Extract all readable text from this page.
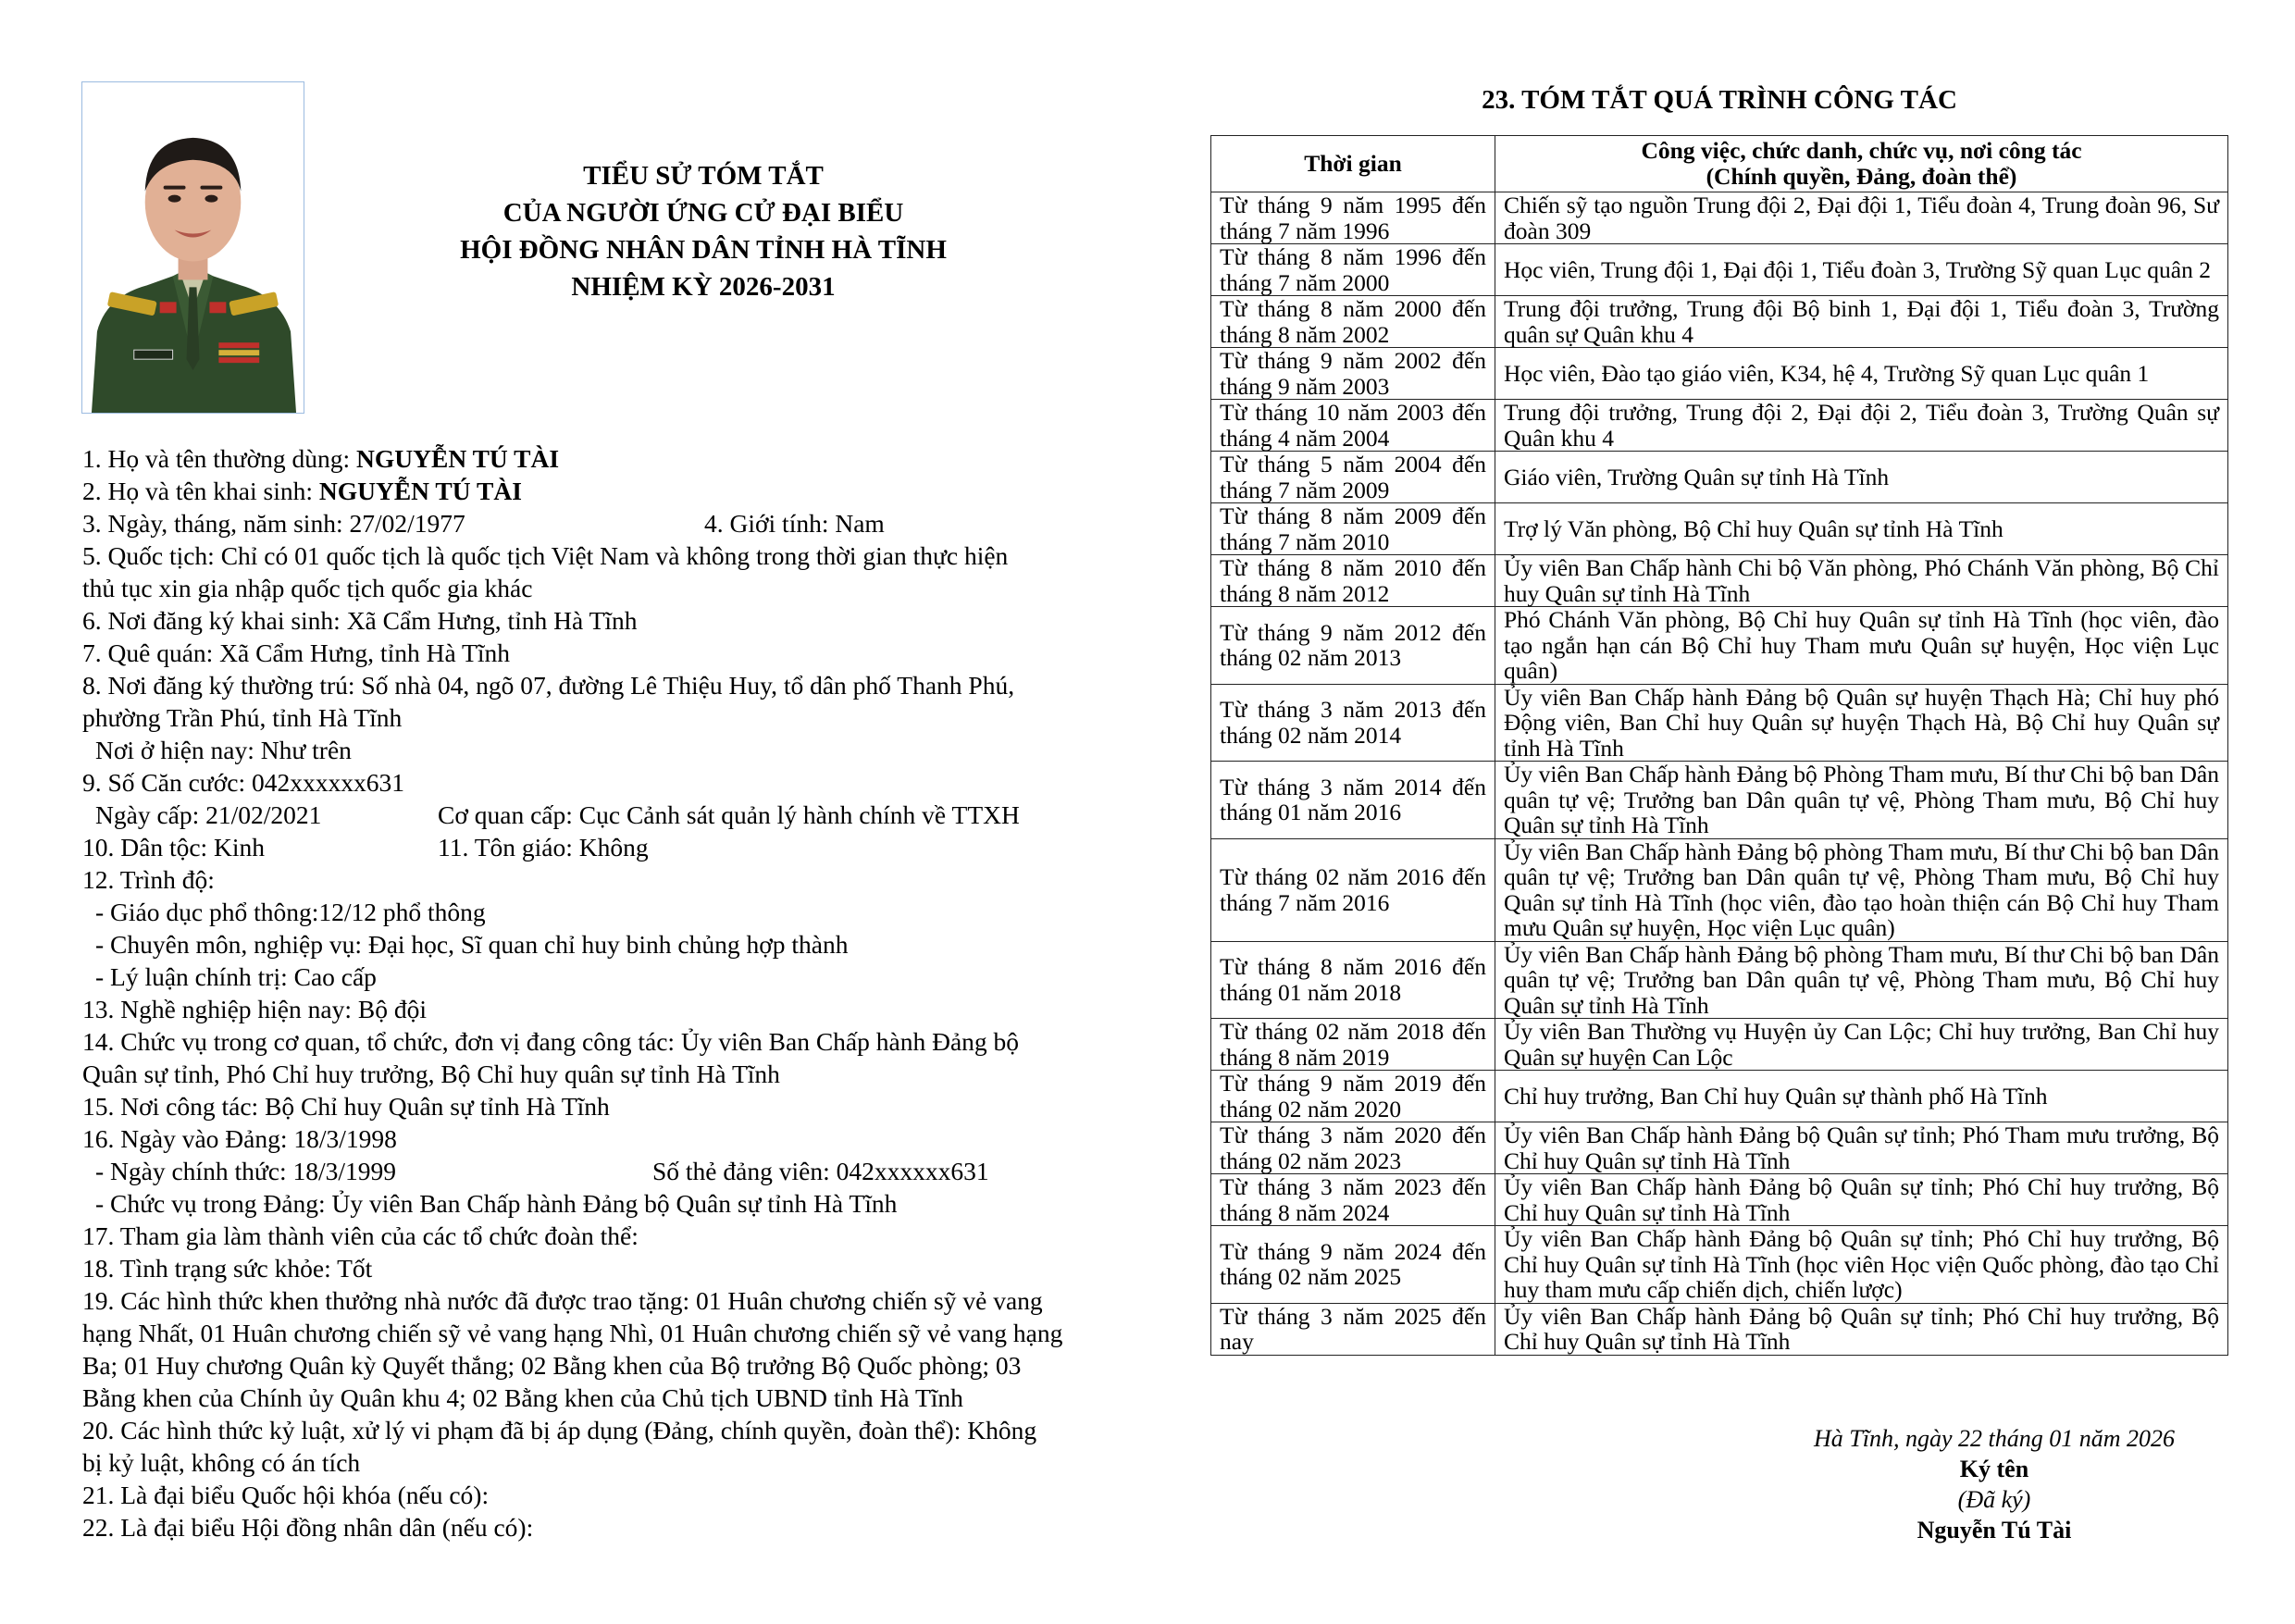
TIỂU SỬ TÓM TẮT
CỦA NGƯỜI ỨNG CỬ ĐẠI BIỂU
HỘI ĐỒNG NHÂN DÂN TỈNH HÀ TĨNH
NHIỆM KỲ 2026-2031
1. Họ và tên thường dùng: NGUYỄN TÚ TÀI
2. Họ và tên khai sinh: NGUYỄN TÚ TÀI
3. Ngày, tháng, năm sinh: 27/02/1977	4. Giới tính: Nam
5. Quốc tịch: Chỉ có 01 quốc tịch là quốc tịch Việt Nam và không trong thời gian thực hiện
thủ tục xin gia nhập quốc tịch quốc gia khác
6. Nơi đăng ký khai sinh: Xã Cẩm Hưng, tỉnh Hà Tĩnh
7. Quê quán: Xã Cẩm Hưng, tỉnh Hà Tĩnh
8. Nơi đăng ký thường trú: Số nhà 04, ngõ 07, đường Lê Thiệu Huy, tổ dân phố Thanh Phú,
phường Trần Phú, tỉnh Hà Tĩnh
Nơi ở hiện nay: Như trên
9. Số Căn cước: 042xxxxxx631
Ngày cấp: 21/02/2021	Cơ quan cấp: Cục Cảnh sát quản lý hành chính về TTXH
10. Dân tộc: Kinh	11. Tôn giáo: Không
12. Trình độ:
- Giáo dục phổ thông:12/12 phổ thông
- Chuyên môn, nghiệp vụ: Đại học, Sĩ quan chỉ huy binh chủng hợp thành
- Lý luận chính trị: Cao cấp
13. Nghề nghiệp hiện nay: Bộ đội
14. Chức vụ trong cơ quan, tổ chức, đơn vị đang công tác: Ủy viên Ban Chấp hành Đảng bộ
Quân sự tỉnh, Phó Chỉ huy trưởng, Bộ Chỉ huy quân sự tỉnh Hà Tĩnh
15. Nơi công tác: Bộ Chỉ huy Quân sự tỉnh Hà Tĩnh
16. Ngày vào Đảng: 18/3/1998
- Ngày chính thức: 18/3/1999	Số thẻ đảng viên: 042xxxxxx631
- Chức vụ trong Đảng: Ủy viên Ban Chấp hành Đảng bộ Quân sự tỉnh Hà Tĩnh
17. Tham gia làm thành viên của các tổ chức đoàn thể:
18. Tình trạng sức khỏe: Tốt
19. Các hình thức khen thưởng nhà nước đã được trao tặng: 01 Huân chương chiến sỹ vẻ vang
hạng Nhất, 01 Huân chương chiến sỹ vẻ vang hạng Nhì, 01 Huân chương chiến sỹ vẻ vang hạng
Ba; 01 Huy chương Quân kỳ Quyết thắng; 02 Bằng khen của Bộ trưởng Bộ Quốc phòng; 03
Bằng khen của Chính ủy Quân khu 4; 02 Bằng khen của Chủ tịch UBND tỉnh Hà Tĩnh
20. Các hình thức kỷ luật, xử lý vi phạm đã bị áp dụng (Đảng, chính quyền, đoàn thể): Không
bị kỷ luật, không có án tích
21. Là đại biểu Quốc hội khóa (nếu có):
22. Là đại biểu Hội đồng nhân dân (nếu có):
23. TÓM TẮT QUÁ TRÌNH CÔNG TÁC
Thời gian	Công việc, chức danh, chức vụ, nơi công tác
(Chính quyền, Đảng, đoàn thể)

Từ tháng 9 năm 1995 đến tháng 7 năm 1996	Chiến sỹ tạo nguồn Trung đội 2, Đại đội 1, Tiểu đoàn 4, Trung đoàn 96, Sư đoàn 309
Từ tháng 8 năm 1996 đến tháng 7 năm 2000	Học viên, Trung đội 1, Đại đội 1, Tiểu đoàn 3, Trường Sỹ quan Lục quân 2
Từ tháng 8 năm 2000 đến tháng 8 năm 2002	Trung đội trưởng, Trung đội Bộ binh 1, Đại đội 1, Tiểu đoàn 3, Trường quân sự Quân khu 4
Từ tháng 9 năm 2002 đến tháng 9 năm 2003	Học viên, Đào tạo giáo viên, K34, hệ 4, Trường Sỹ quan Lục quân 1
Từ tháng 10 năm 2003 đến tháng 4 năm 2004	Trung đội trưởng, Trung đội 2, Đại đội 2, Tiểu đoàn 3, Trường Quân sự Quân khu 4
Từ tháng 5 năm 2004 đến tháng 7 năm 2009	Giáo viên, Trường Quân sự tỉnh Hà Tĩnh
Từ tháng 8 năm 2009 đến tháng 7 năm 2010	Trợ lý Văn phòng, Bộ Chỉ huy Quân sự tỉnh Hà Tĩnh
Từ tháng 8 năm 2010 đến tháng 8 năm 2012	Ủy viên Ban Chấp hành Chi bộ Văn phòng, Phó Chánh Văn phòng, Bộ Chỉ huy Quân sự tỉnh Hà Tĩnh
Từ tháng 9 năm 2012 đến tháng 02 năm 2013	Phó Chánh Văn phòng, Bộ Chỉ huy Quân sự tỉnh Hà Tĩnh (học viên, đào tạo ngắn hạn cán Bộ Chỉ huy Tham mưu Quân sự huyện, Học viện Lục quân)
Từ tháng 3 năm 2013 đến tháng 02 năm 2014	Ủy viên Ban Chấp hành Đảng bộ Quân sự huyện Thạch Hà; Chỉ huy phó Động viên, Ban Chỉ huy Quân sự huyện Thạch Hà, Bộ Chỉ huy Quân sự tỉnh Hà Tĩnh
Từ tháng 3 năm 2014 đến tháng 01 năm 2016	Ủy viên Ban Chấp hành Đảng bộ Phòng Tham mưu, Bí thư Chi bộ ban Dân quân tự vệ; Trưởng ban Dân quân tự vệ, Phòng Tham mưu, Bộ Chỉ huy Quân sự tỉnh Hà Tĩnh
Từ tháng 02 năm 2016 đến tháng 7 năm 2016	Ủy viên Ban Chấp hành Đảng bộ phòng Tham mưu, Bí thư Chi bộ ban Dân quân tự vệ; Trưởng ban Dân quân tự vệ, Phòng Tham mưu, Bộ Chỉ huy Quân sự tỉnh Hà Tĩnh (học viên, đào tạo hoàn thiện cán Bộ Chỉ huy Tham mưu Quân sự huyện, Học viện Lục quân)
Từ tháng 8 năm 2016 đến tháng 01 năm 2018	Ủy viên Ban Chấp hành Đảng bộ phòng Tham mưu, Bí thư Chi bộ ban Dân quân tự vệ; Trưởng ban Dân quân tự vệ, Phòng Tham mưu, Bộ Chỉ huy Quân sự tỉnh Hà Tĩnh
Từ tháng 02 năm 2018 đến tháng 8 năm 2019	Ủy viên Ban Thường vụ Huyện ủy Can Lộc; Chỉ huy trưởng, Ban Chỉ huy Quân sự huyện Can Lộc
Từ tháng 9 năm 2019 đến tháng 02 năm 2020	Chỉ huy trưởng, Ban Chỉ huy Quân sự thành phố Hà Tĩnh
Từ tháng 3 năm 2020 đến tháng 02 năm 2023	Ủy viên Ban Chấp hành Đảng bộ Quân sự tỉnh; Phó Tham mưu trưởng, Bộ Chỉ huy Quân sự tỉnh Hà Tĩnh
Từ tháng 3 năm 2023 đến tháng 8 năm 2024	Ủy viên Ban Chấp hành Đảng bộ Quân sự tỉnh; Phó Chỉ huy trưởng, Bộ Chỉ huy Quân sự tỉnh Hà Tĩnh
Từ tháng 9 năm 2024 đến tháng 02 năm 2025	Ủy viên Ban Chấp hành Đảng bộ Quân sự tỉnh; Phó Chỉ huy trưởng, Bộ Chỉ huy Quân sự tỉnh Hà Tĩnh (học viên Học viện Quốc phòng, đào tạo Chỉ huy tham mưu cấp chiến dịch, chiến lược)
Từ tháng 3 năm 2025 đến nay	Ủy viên Ban Chấp hành Đảng bộ Quân sự tỉnh; Phó Chỉ huy trưởng, Bộ Chỉ huy Quân sự tỉnh Hà Tĩnh
Hà Tĩnh, ngày 22 tháng 01 năm 2026
Ký tên
(Đã ký)
Nguyễn Tú Tài
